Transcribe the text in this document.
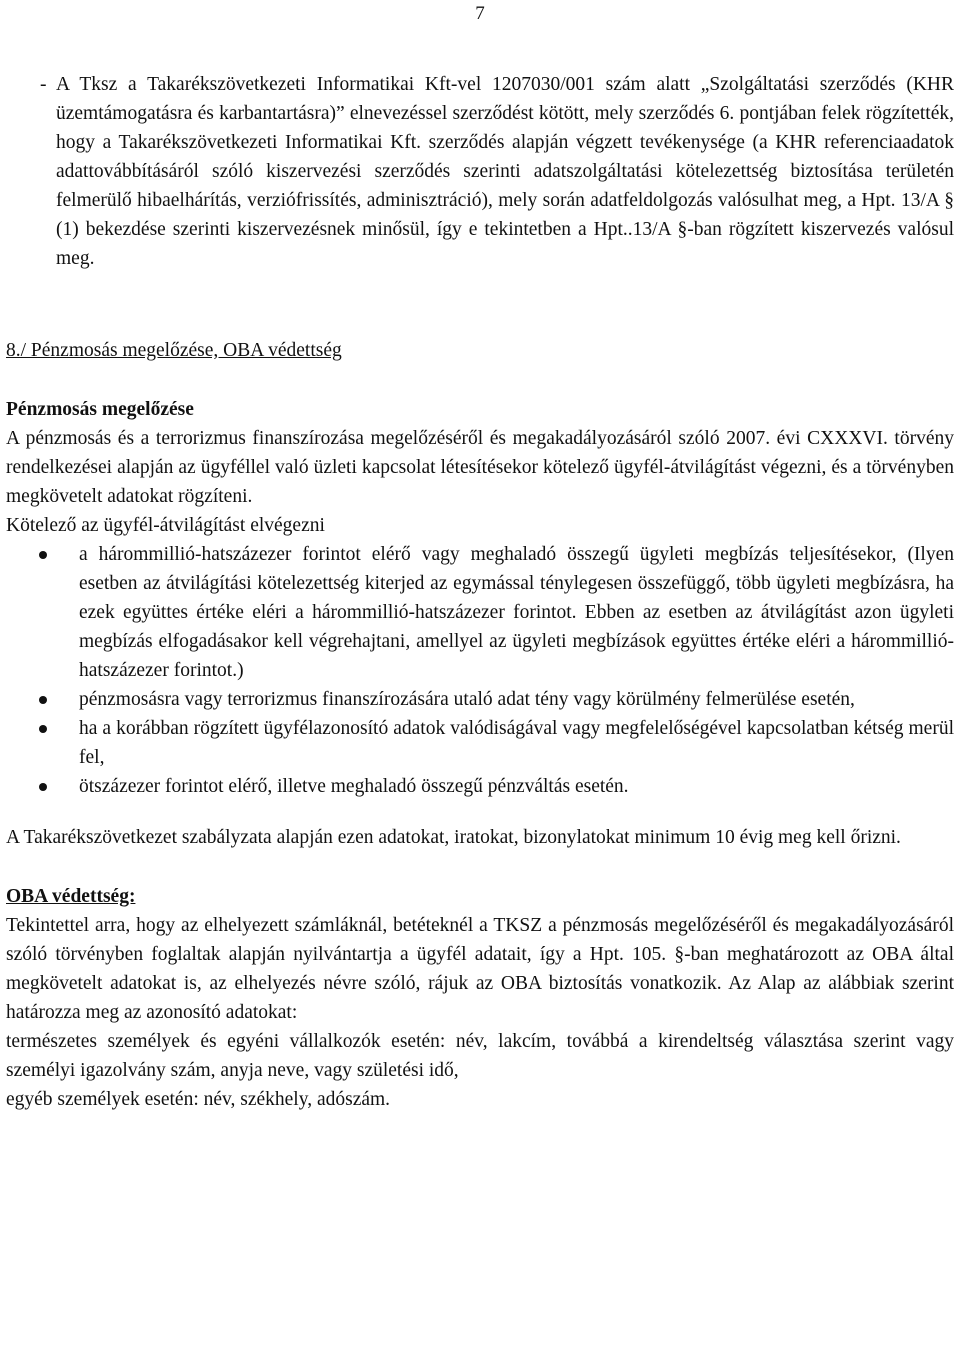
7

- A Tksz a Takarékszövetkezeti Informatikai Kft-vel 1207030/001 szám alatt „Szolgáltatási szerződés (KHR üzemtámogatásra és karbantartásra)” elnevezéssel szerződést kötött, mely szerződés 6. pontjában felek rögzítették, hogy a Takarékszövetkezeti Informatikai Kft. szerződés alapján végzett tevékenysége (a KHR referenciaadatok adattovábbításáról szóló kiszervezési szerződés szerinti adatszolgáltatási kötelezettség biztosítása területén felmerülő hibaelhárítás, verziófrissítés, adminisztráció), mely során adatfeldolgozás valósulhat meg, a Hpt. 13/A § (1) bekezdése szerinti kiszervezésnek minősül, így e tekintetben a Hpt..13/A §-ban rögzített kiszervezés valósul meg.

8./ Pénzmosás megelőzése, OBA védettség

Pénzmosás megelőzése

A pénzmosás és a terrorizmus finanszírozása megelőzéséről és megakadályozásáról szóló 2007. évi CXXXVI. törvény rendelkezései alapján az ügyféllel való üzleti kapcsolat létesítésekor kötelező ügyfél-átvilágítást végezni, és a törvényben megkövetelt adatokat rögzíteni.

Kötelező az ügyfél-átvilágítást elvégezni

a hárommillió-hatszázezer forintot elérő vagy meghaladó összegű ügyleti megbízás teljesítésekor, (Ilyen esetben az átvilágítási kötelezettség kiterjed az egymással ténylegesen összefüggő, több ügyleti megbízásra, ha ezek együttes értéke eléri a hárommillió-hatszázezer forintot. Ebben az esetben az átvilágítást azon ügyleti megbízás elfogadásakor kell végrehajtani, amellyel az ügyleti megbízások együttes értéke eléri a hárommillió-hatszázezer forintot.)
pénzmosásra vagy terrorizmus finanszírozására utaló adat tény vagy körülmény felmerülése esetén,
ha a korábban rögzített ügyfélazonosító adatok valódiságával vagy megfelelőségével kapcsolatban kétség merül fel,
ötszázezer forintot elérő, illetve meghaladó összegű pénzváltás esetén.

A Takarékszövetkezet szabályzata alapján ezen adatokat, iratokat, bizonylatokat minimum 10 évig meg kell őrizni.

OBA védettség:

Tekintettel arra, hogy az elhelyezett számláknál, betéteknél a TKSZ a pénzmosás megelőzéséről és megakadályozásáról szóló törvényben foglaltak alapján nyilvántartja a ügyfél adatait, így a Hpt. 105. §-ban meghatározott az OBA által megkövetelt adatokat is, az elhelyezés névre szóló, rájuk az OBA biztosítás vonatkozik. Az Alap az alábbiak szerint határozza meg az azonosító adatokat:

természetes személyek és egyéni vállalkozók esetén: név, lakcím, továbbá a kirendeltség választása szerint vagy személyi igazolvány szám, anyja neve, vagy születési idő,

egyéb személyek esetén: név, székhely, adószám.
